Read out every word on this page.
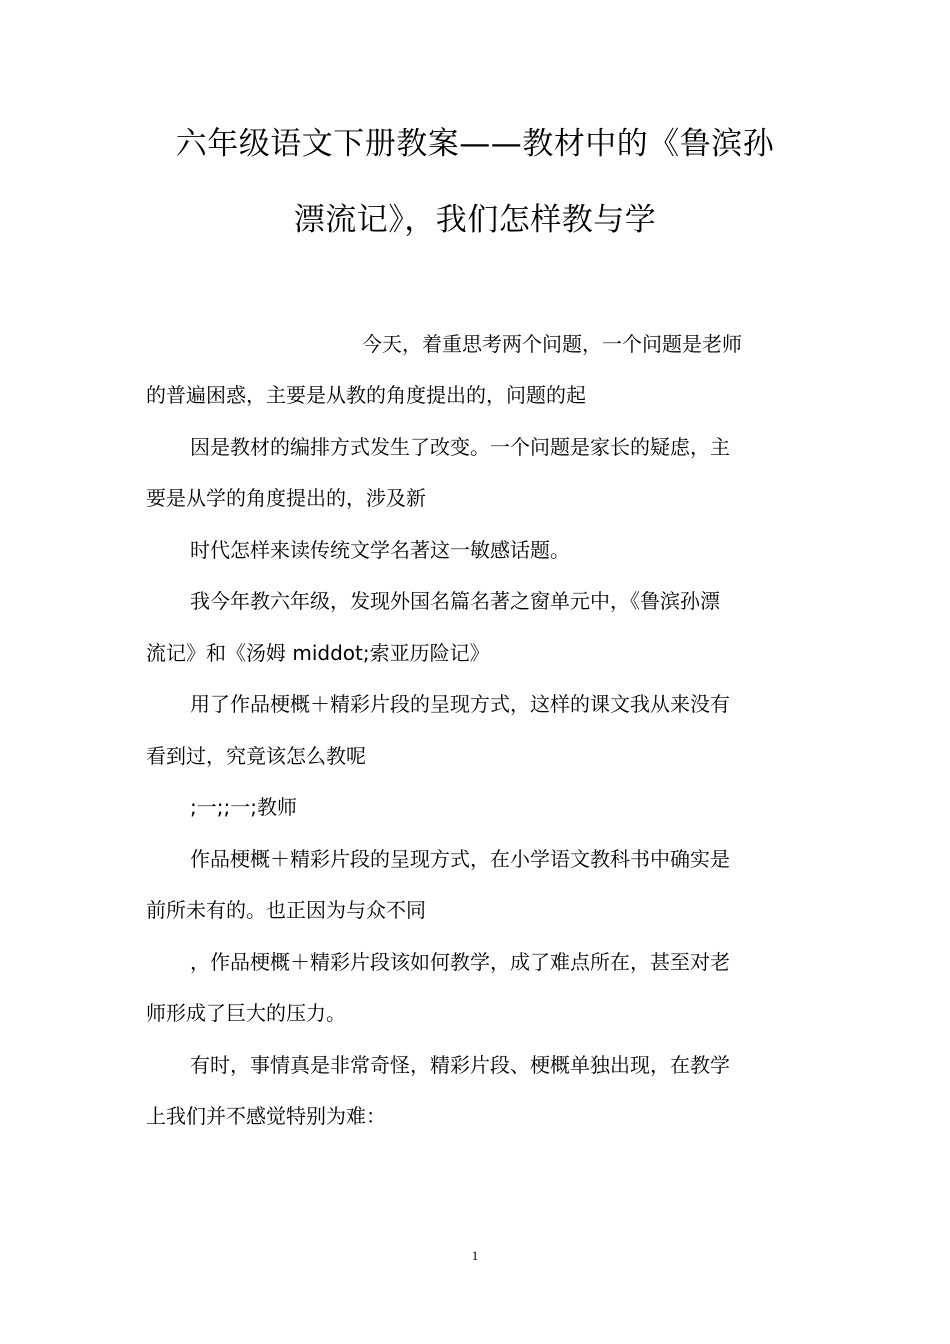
六年级语文下册教案——教材中的《鲁滨孙
漂流记》，我们怎样教与学
今天，着重思考两个问题，一个问题是老师
的普遍困惑，主要是从教的角度提出的，问题的起
因是教材的编排方式发生了改变。一个问题是家长的疑虑，主
要是从学的角度提出的，涉及新
时代怎样来读传统文学名著这一敏感话题。
我今年教六年级，发现外国名篇名著之窗单元中，《鲁滨孙漂
流记》和《汤姆 middot;索亚历险记》
用了作品梗概＋精彩片段的呈现方式，这样的课文我从来没有
看到过，究竟该怎么教呢
;一;;一;教师
作品梗概＋精彩片段的呈现方式，在小学语文教科书中确实是
前所未有的。也正因为与众不同
，作品梗概＋精彩片段该如何教学，成了难点所在，甚至对老
师形成了巨大的压力。
有时，事情真是非常奇怪，精彩片段、梗概单独出现，在教学
上我们并不感觉特别为难：
1
